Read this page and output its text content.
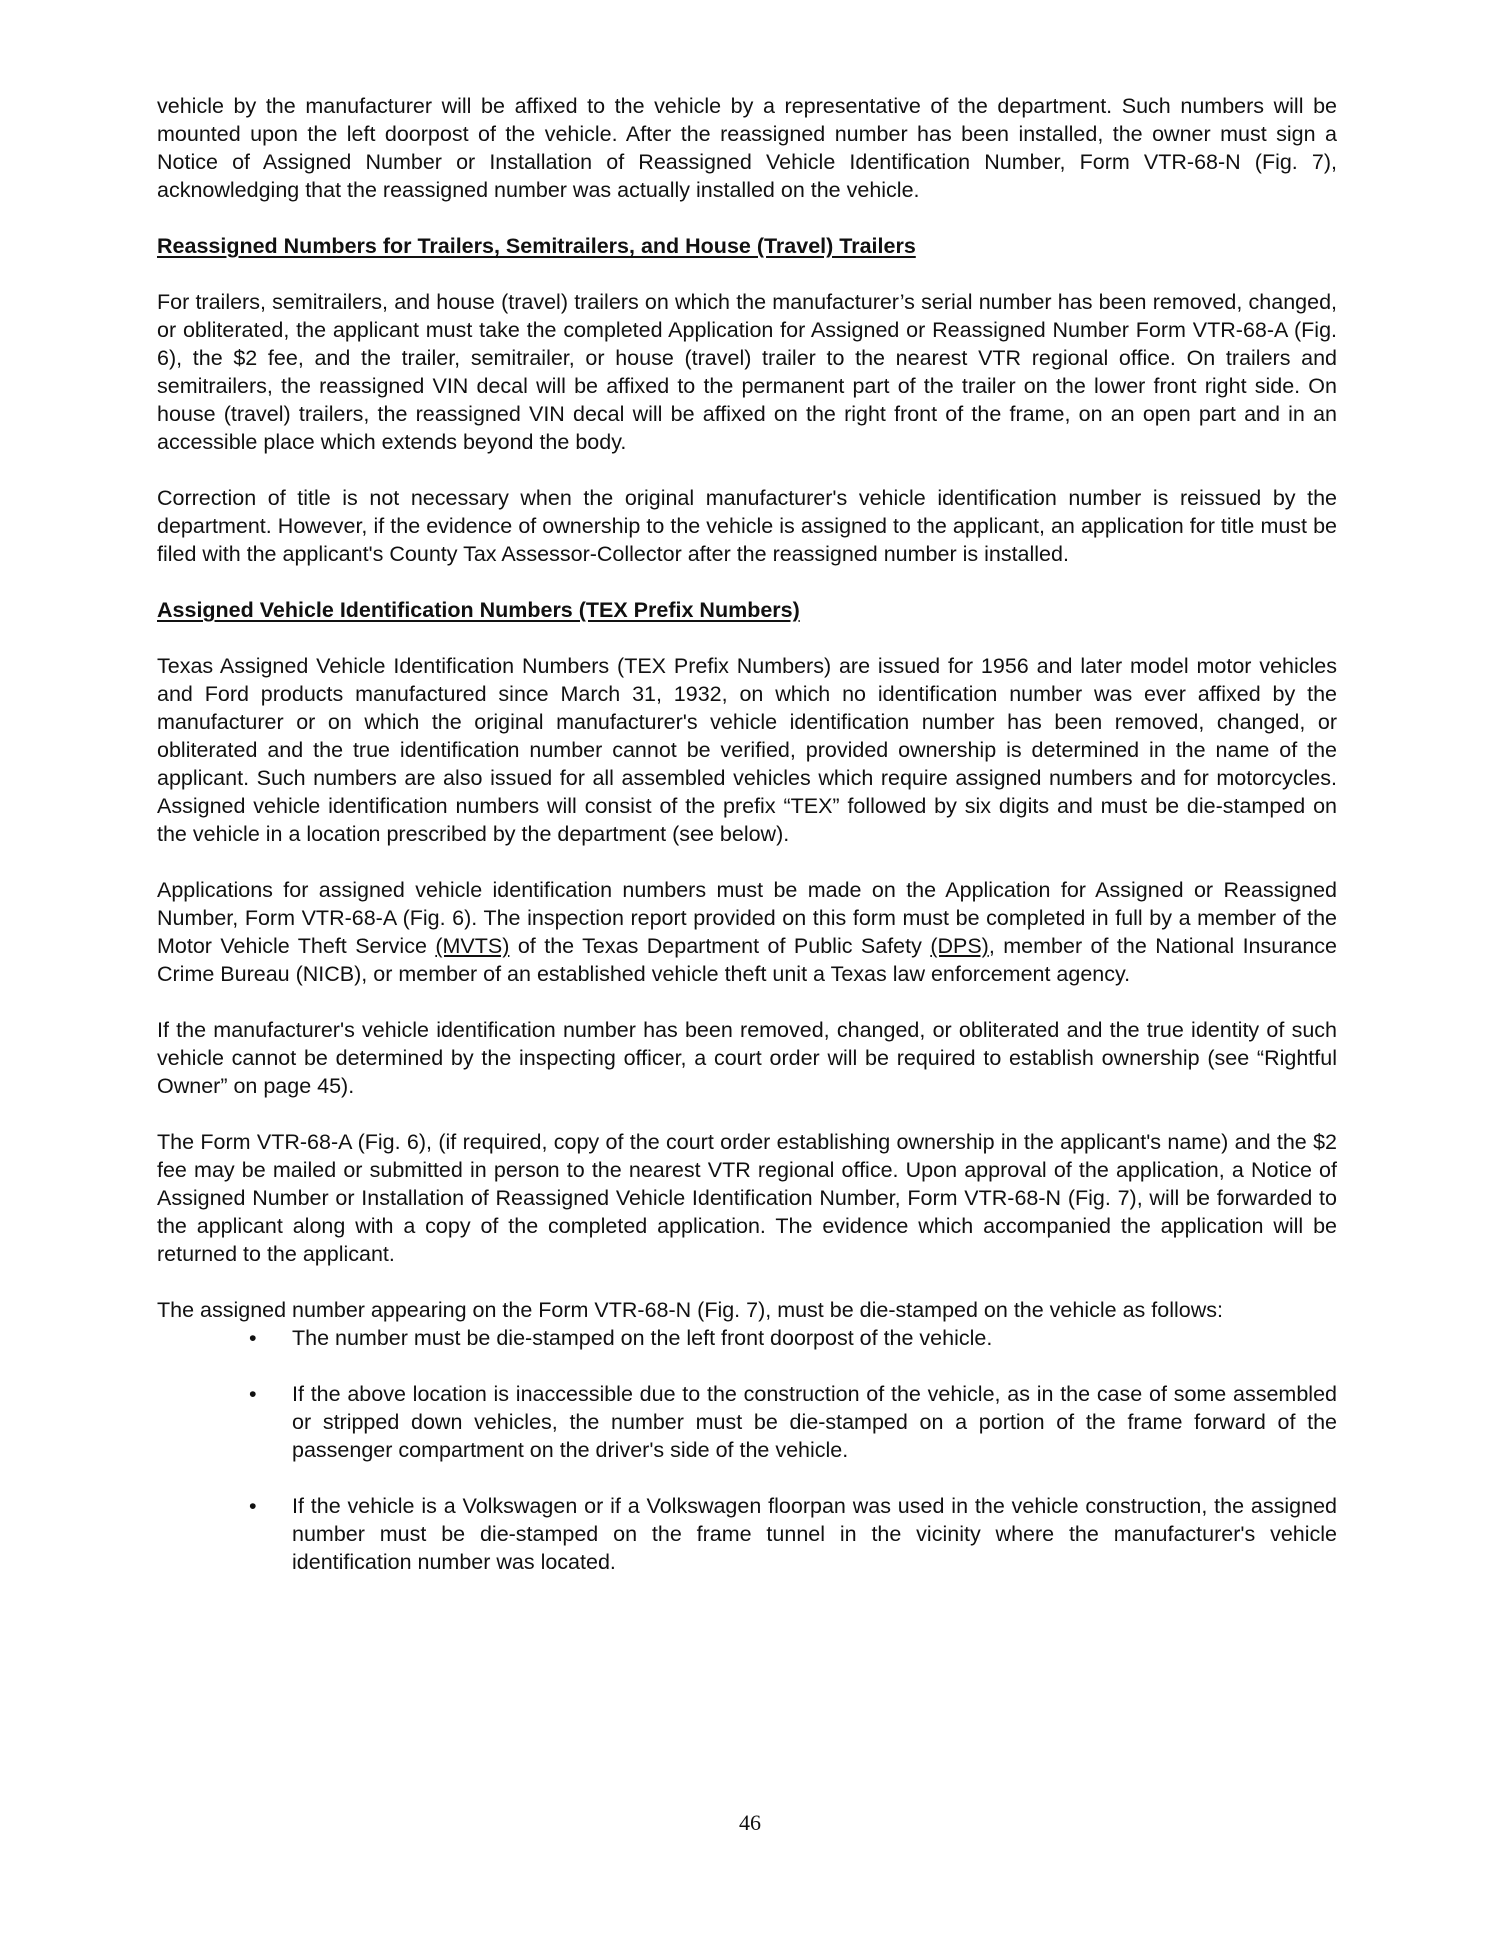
vehicle by the manufacturer will be affixed to the vehicle by a representative of the department. Such numbers will be mounted upon the left doorpost of the vehicle. After the reassigned number has been installed, the owner must sign a Notice of Assigned Number or Installation of Reassigned Vehicle Identification Number, Form VTR-68-N (Fig. 7), acknowledging that the reassigned number was actually installed on the vehicle.

Reassigned Numbers for Trailers, Semitrailers, and House (Travel) Trailers

For trailers, semitrailers, and house (travel) trailers on which the manufacturer’s serial number has been removed, changed, or obliterated, the applicant must take the completed Application for Assigned or Reassigned Number Form VTR-68-A (Fig. 6), the $2 fee, and the trailer, semitrailer, or house (travel) trailer to the nearest VTR regional office. On trailers and semitrailers, the reassigned VIN decal will be affixed to the permanent part of the trailer on the lower front right side. On house (travel) trailers, the reassigned VIN decal will be affixed on the right front of the frame, on an open part and in an accessible place which extends beyond the body.

Correction of title is not necessary when the original manufacturer's vehicle identification number is reissued by the department. However, if the evidence of ownership to the vehicle is assigned to the applicant, an application for title must be filed with the applicant's County Tax Assessor-Collector after the reassigned number is installed.

Assigned Vehicle Identification Numbers (TEX Prefix Numbers)

Texas Assigned Vehicle Identification Numbers (TEX Prefix Numbers) are issued for 1956 and later model motor vehicles and Ford products manufactured since March 31, 1932, on which no identification number was ever affixed by the manufacturer or on which the original manufacturer's vehicle identification number has been removed, changed, or obliterated and the true identification number cannot be verified, provided ownership is determined in the name of the applicant. Such numbers are also issued for all assembled vehicles which require assigned numbers and for motorcycles. Assigned vehicle identification numbers will consist of the prefix “TEX” followed by six digits and must be die-stamped on the vehicle in a location prescribed by the department (see below).

Applications for assigned vehicle identification numbers must be made on the Application for Assigned or Reassigned Number, Form VTR-68-A (Fig. 6). The inspection report provided on this form must be completed in full by a member of the Motor Vehicle Theft Service (MVTS) of the Texas Department of Public Safety (DPS), member of the National Insurance Crime Bureau (NICB), or member of an established vehicle theft unit a Texas law enforcement agency.

If the manufacturer's vehicle identification number has been removed, changed, or obliterated and the true identity of such vehicle cannot be determined by the inspecting officer, a court order will be required to establish ownership (see “Rightful Owner” on page 45).

The Form VTR-68-A (Fig. 6), (if required, copy of the court order establishing ownership in the applicant's name) and the $2 fee may be mailed or submitted in person to the nearest VTR regional office. Upon approval of the application, a Notice of Assigned Number or Installation of Reassigned Vehicle Identification Number, Form VTR-68-N (Fig. 7), will be forwarded to the applicant along with a copy of the completed application. The evidence which accompanied the application will be returned to the applicant.

The assigned number appearing on the Form VTR-68-N (Fig. 7), must be die-stamped on the vehicle as follows:

• The number must be die-stamped on the left front doorpost of the vehicle.
• If the above location is inaccessible due to the construction of the vehicle, as in the case of some assembled or stripped down vehicles, the number must be die-stamped on a portion of the frame forward of the passenger compartment on the driver's side of the vehicle.
• If the vehicle is a Volkswagen or if a Volkswagen floorpan was used in the vehicle construction, the assigned number must be die-stamped on the frame tunnel in the vicinity where the manufacturer's vehicle identification number was located.
46
